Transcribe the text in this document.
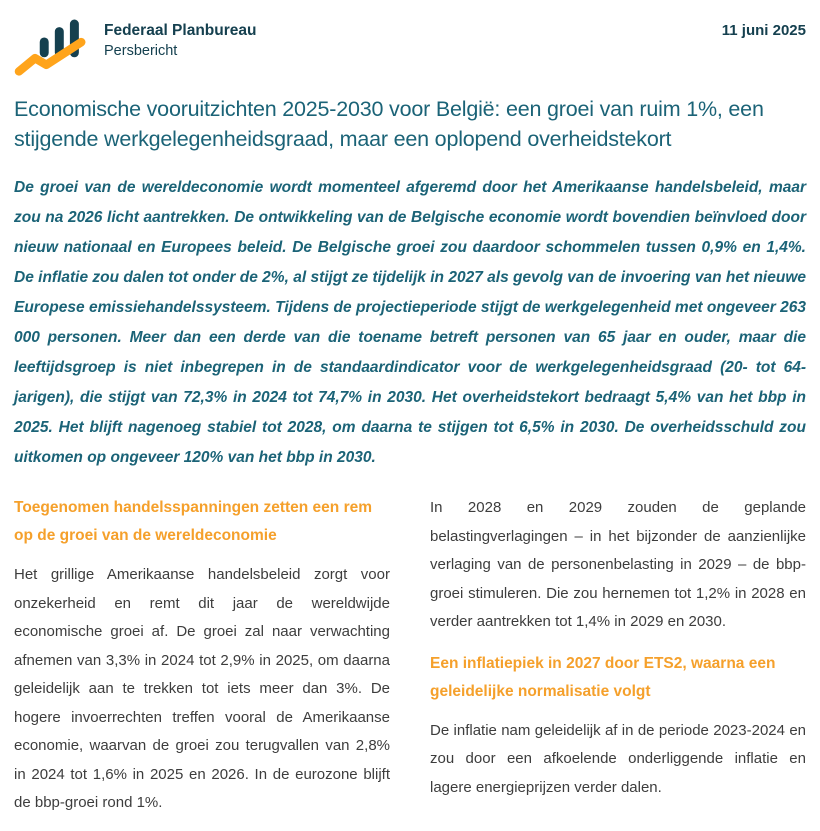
Federaal Planbureau
Persbericht
11 juni 2025
Economische vooruitzichten 2025-2030 voor België: een groei van ruim 1%, een stijgende werkgelegenheidsgraad, maar een oplopend overheidstekort

De groei van de wereldeconomie wordt momenteel afgeremd door het Amerikaanse handelsbeleid, maar zou na 2026 licht aantrekken. De ontwikkeling van de Belgische economie wordt bovendien beïnvloed door nieuw nationaal en Europees beleid. De Belgische groei zou daardoor schommelen tussen 0,9% en 1,4%. De inflatie zou dalen tot onder de 2%, al stijgt ze tijdelijk in 2027 als gevolg van de invoering van het nieuwe Europese emissiehandelssysteem. Tijdens de projectieperiode stijgt de werkgelegenheid met ongeveer 263 000 personen. Meer dan een derde van die toename betreft personen van 65 jaar en ouder, maar die leeftijdsgroep is niet inbegrepen in de standaardindicator voor de werkgelegenheidsgraad (20- tot 64-jarigen), die stijgt van 72,3% in 2024 tot 74,7% in 2030. Het overheidstekort bedraagt 5,4% van het bbp in 2025. Het blijft nagenoeg stabiel tot 2028, om daarna te stijgen tot 6,5% in 2030. De overheidsschuld zou uitkomen op ongeveer 120% van het bbp in 2030.

Toegenomen handelsspanningen zetten een rem op de groei van de wereldeconomie

Het grillige Amerikaanse handelsbeleid zorgt voor onzekerheid en remt dit jaar de wereldwijde economische groei af. De groei zal naar verwachting afnemen van 3,3% in 2024 tot 2,9% in 2025, om daarna geleidelijk aan te trekken tot iets meer dan 3%. De hogere invoerrechten treffen vooral de Amerikaanse economie, waarvan de groei zou terugvallen van 2,8% in 2024 tot 1,6% in 2025 en 2026. In de eurozone blijft de bbp-groei rond 1%.

In 2028 en 2029 zouden de geplande belastingverlagingen – in het bijzonder de aanzienlijke verlaging van de personenbelasting in 2029 – de bbp-groei stimuleren. Die zou hernemen tot 1,2% in 2028 en verder aantrekken tot 1,4% in 2029 en 2030.

Een inflatiepiek in 2027 door ETS2, waarna een geleidelijke normalisatie volgt

De inflatie nam geleidelijk af in de periode 2023-2024 en zou door een afkoelende onderliggende inflatie en lagere energieprijzen verder dalen.
